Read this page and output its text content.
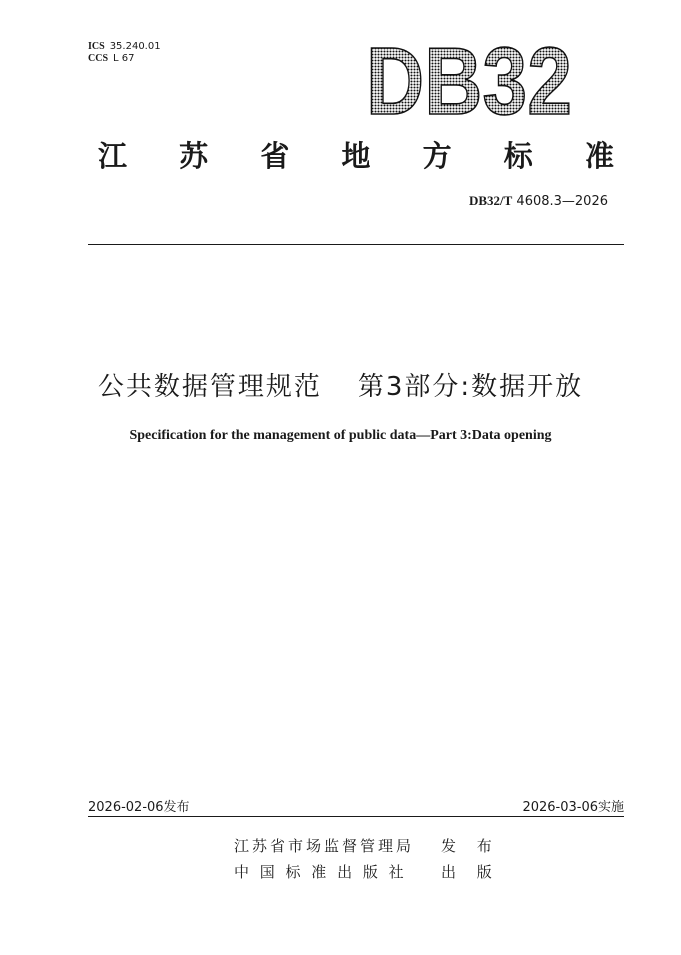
ICS 35.240.01
CCS L 67 DB32
江 苏 省 地 方 标 准
DB32/T 4608.3—2026
公共数据管理规范 第3部分:数据开放
Specification for the management of public data—Part 3:Data opening
2026-02-06发布	2026-03-06实施
江苏省市场监督管理局 发 布
中 国 标 准 出 版 社 出 版
